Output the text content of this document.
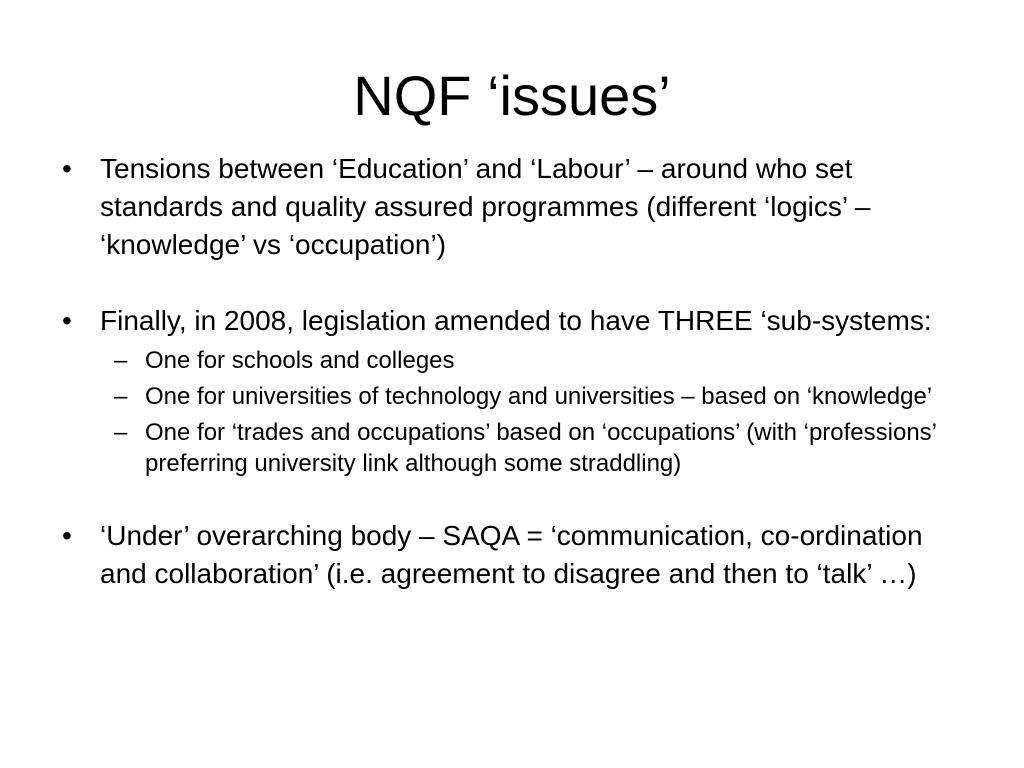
NQF ‘issues’
• Tensions between ‘Education’ and ‘Labour’ – around who set standards and quality assured programmes (different ‘logics’ – ‘knowledge’ vs ‘occupation’)
• Finally, in 2008, legislation amended to have THREE ‘sub-systems:
– One for schools and colleges
– One for universities of technology and universities – based on ‘knowledge’
– One for ‘trades and occupations’ based on ‘occupations’ (with ‘professions’ preferring university link although some straddling)
• ‘Under’ overarching body – SAQA = ‘communication, co-ordination and collaboration’ (i.e. agreement to disagree and then to ‘talk’ …)
